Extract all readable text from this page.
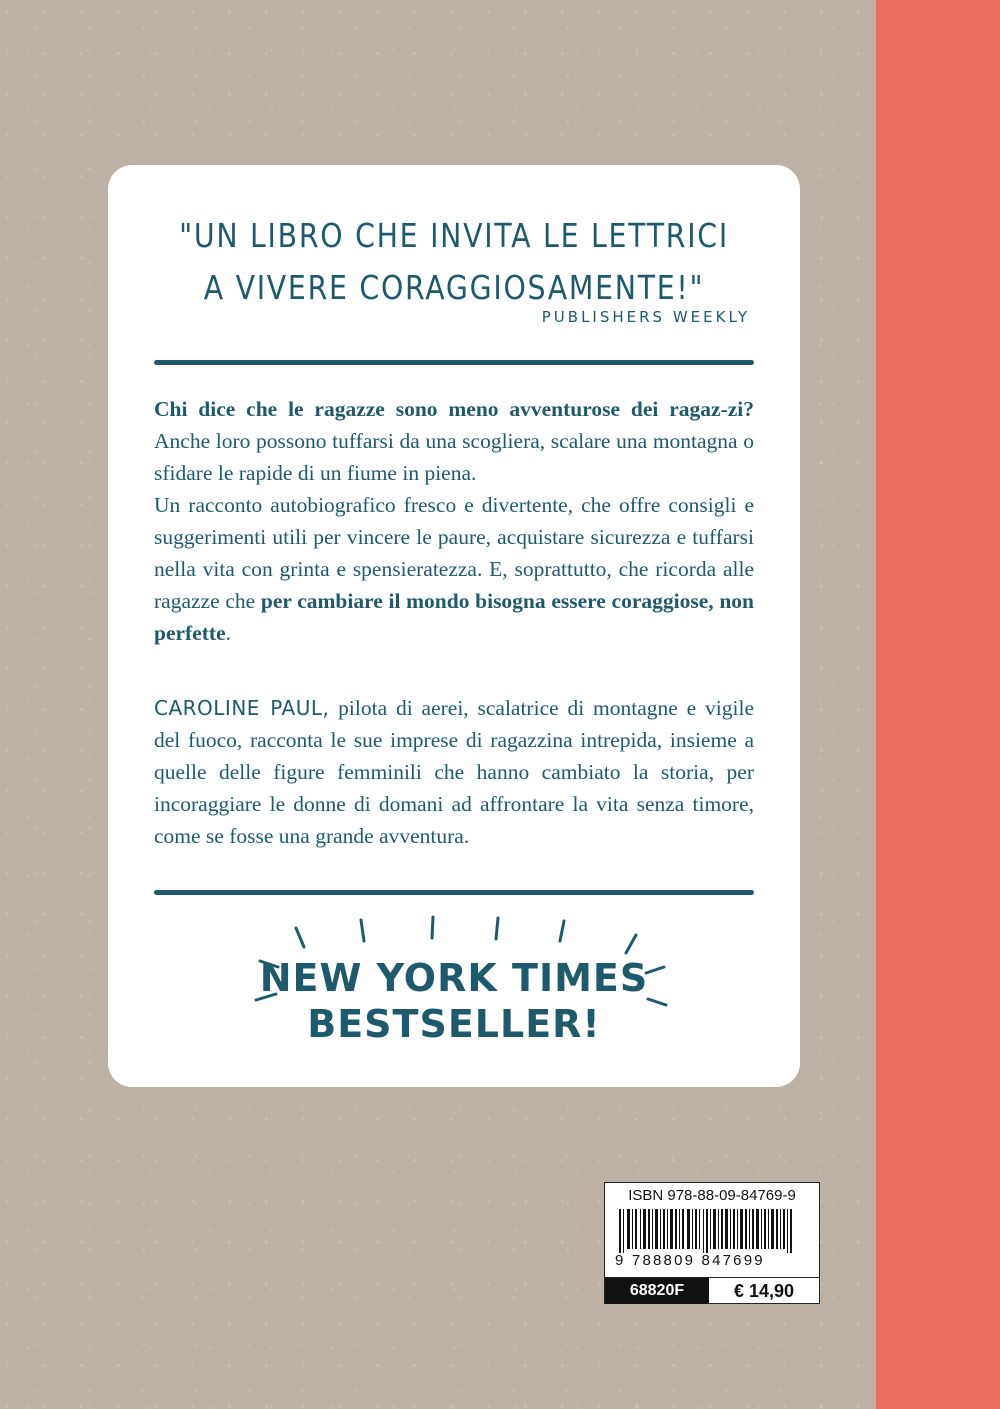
"UN LIBRO CHE INVITA LE LETTRICI
A VIVERE CORAGGIOSAMENTE!"
PUBLISHERS WEEKLY
Chi dice che le ragazze sono meno avventurose dei ragaz-zi? Anche loro possono tuffarsi da una scogliera, scalare una montagna o sfidare le rapide di un fiume in piena.
Un racconto autobiografico fresco e divertente, che offre consigli e suggerimenti utili per vincere le paure, acquistare sicurezza e tuffarsi nella vita con grinta e spensieratezza. E, soprattutto, che ricorda alle ragazze che per cambiare il mondo bisogna essere coraggiose, non perfette.
CAROLINE PAUL, pilota di aerei, scalatrice di montagne e vigile del fuoco, racconta le sue imprese di ragazzina intrepida, insieme a quelle delle figure femminili che hanno cambiato la storia, per incoraggiare le donne di domani ad affrontare la vita senza timore, come se fosse una grande avventura.
NEW YORK TIMES
BESTSELLER!
ISBN 978-88-09-84769-9
9 788809 847699
68820F	€ 14,90
